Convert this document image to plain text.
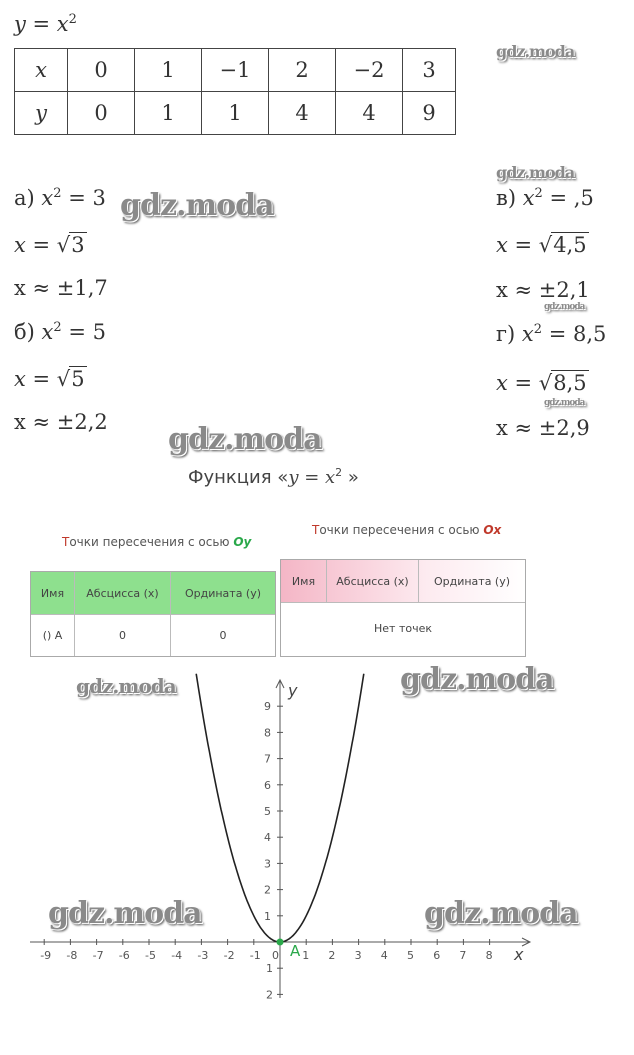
$y = x^2$
x	0	1	−1	2	−2	3
y	0	1	1	4	4	9
gdz.moda
gdz.moda
а) $x^2 = 3$ gdz.moda
x = √3
x ≈ ±1,7
б) $x^2 = 5$
x = √5
x ≈ ±2,2
в) $x^2 = ,5$
x = √4,5
x ≈ ±2,1
gdz.moda
г) $x^2 = 8,5$
x = √8,5
gdz.moda
x ≈ ±2,9
gdz.moda
Функция «$y = x^2$ »
Точки пересечения с осью Oy
Имя	Абсцисса (x)	Ордината (y)
() A	0	0
Точки пересечения с осью Ox
Имя	Абсцисса (x)	Ордината (y)
Нет точек
-9 -8 -7 -6 -5 -4 -3 -2 -1 0 1 2 3 4 5 6 7 8
1
2
3
4
5
6
7
8
9
1
2
x
y
A
gdz.moda	gdz.moda
gdz.moda	gdz.moda
